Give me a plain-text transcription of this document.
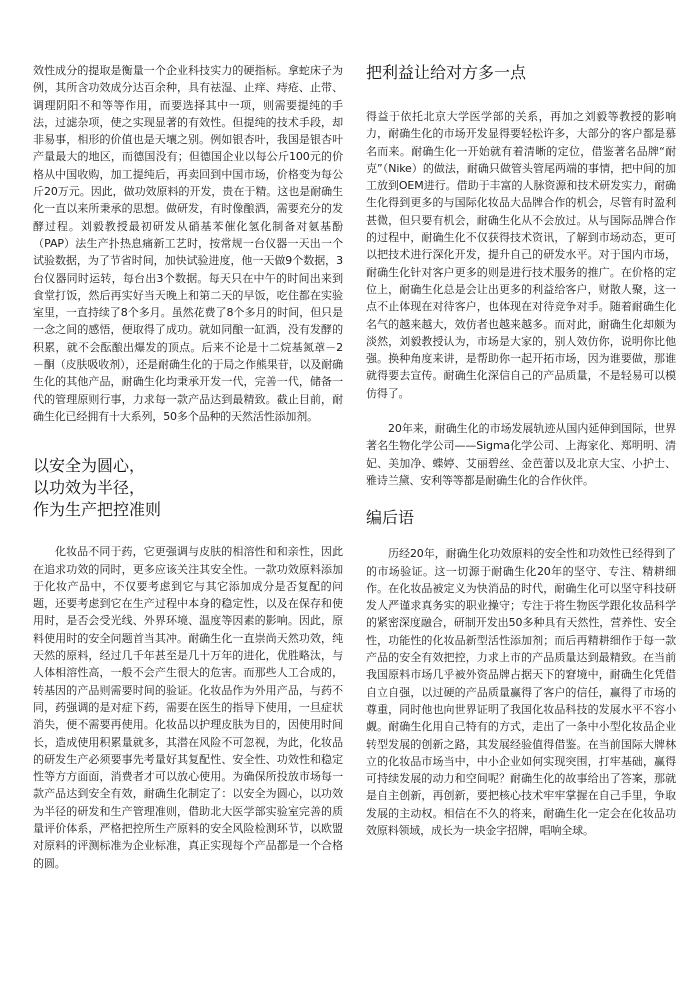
效性成分的提取是衡量一个企业科技实力的硬指标。拿蛇床子为例，其所含功效成分达百余种，具有祛湿、止痒、痔疮、止带、调理阴阳不和等等作用，而要选择其中一项，则需要提纯的手法，过滤杂项，使之实现显著的有效性。但提纯的技术手段，却非易事，相形的价值也是天壤之别。例如银杏叶，我国是银杏叶产量最大的地区，而德国没有；但德国企业以每公斤100元的价格从中国收购，加工提纯后，再卖回到中国市场，价格变为每公斤20万元。因此，做功效原料的开发，贵在于精。这也是耐确生化一直以来所秉承的思想。做研发，有时像酿酒，需要充分的发酵过程。刘毅教授最初研发从硝基苯催化氢化制备对氨基酚（PAP）法生产扑热息痛新工艺时，按常规一台仪器一天出一个试验数据，为了节省时间，加快试验进度，他一天做9个数据，3台仪器同时运转，每台出3个数据。每天只在中午的时间出来到食堂打饭，然后再实好当天晚上和第二天的早饭，吃住都在实验室里，一直持续了8个多月。虽然花费了8个多月的时间，但只是一念之间的感悟，便取得了成功。就如同酿一缸酒，没有发酵的积累，就不会酝酿出爆发的顶点。后来不论是十二烷基氮䓬－2－酮（皮肤吸收剂），还是耐确生化的于局之作熊果苷，以及耐确生化的其他产品，耐确生化均秉承开发一代，完善一代，储备一代的管理原则行事，力求每一款产品达到最精致。截止目前，耐确生化已经拥有十大系列，50多个品种的天然活性添加剂。

以安全为圆心，
以功效为半径，
作为生产把控准则

化妆品不同于药，它更强调与皮肤的相溶性和和亲性，因此在追求功效的同时，更多应该关注其安全性。一款功效原料添加于化妆产品中，不仅要考虑到它与其它添加成分是否复配的问题，还要考虑到它在生产过程中本身的稳定性，以及在保存和使用时，是否会受光线、外界环境、温度等因素的影响。因此，原料使用时的安全问题首当其冲。耐确生化一直崇尚天然功效，纯天然的原料，经过几千年甚至是几十万年的进化，优胜略汰，与人体相溶性高，一般不会产生很大的危害。而那些人工合成的，转基因的产品则需要时间的验证。化妆品作为外用产品，与药不同，药强调的是对症下药，需要在医生的指导下使用，一旦症状消失，便不需要再使用。化妆品以护理皮肤为目的，因使用时间长，造成使用积累量就多，其潜在风险不可忽视，为此，化妆品的研发生产必须要事先考量好其复配性、安全性、功效性和稳定性等方方面面，消费者才可以放心使用。为确保所投放市场每一款产品达到安全有效，耐确生化制定了：以安全为圆心，以功效为半径的研发和生产管理准则，借助北大医学部实验室完善的质量评价体系，严格把控所生产原料的安全风险检测环节，以欧盟对原料的评测标准为企业标准，真正实现每个产品都是一个合格的圆。

把利益让给对方多一点

得益于依托北京大学医学部的关系，再加之刘毅等教授的影响力，耐确生化的市场开发显得要轻松许多，大部分的客户都是慕名而来。耐确生化一开始就有着清晰的定位，借鉴著名品牌“耐克”（Nike）的做法，耐确只做管头管尾两端的事情，把中间的加工放到OEM进行。借助于丰富的人脉资源和技术研发实力，耐确生化得到更多的与国际化妆品大品牌合作的机会，尽管有时盈利甚微，但只要有机会，耐确生化从不会放过。从与国际品牌合作的过程中，耐确生化不仅获得技术资讯，了解到市场动态，更可以把技术进行深化开发，提升自己的研发水平。对于国内市场，耐确生化针对客户更多的则是进行技术服务的推广。在价格的定位上，耐确生化总是会让出更多的利益给客户，财散人聚，这一点不止体现在对待客户，也体现在对待竞争对手。随着耐确生化名气的越来越大，效仿者也越来越多。而对此，耐确生化却颇为淡然，刘毅教授认为，市场是大家的，别人效仿你，说明你比他强。换种角度来讲，是帮助你一起开拓市场，因为谁要做，那谁就得要去宣传。耐确生化深信自己的产品质量，不是轻易可以模仿得了。

20年来，耐确生化的市场发展轨迹从国内延伸到国际，世界著名生物化学公司——Sigma化学公司、上海家化、郑明明、清妃、美加净、蝶婷、艾丽碧丝、金芭蕾以及北京大宝、小护士、雅诗兰黛、安利等等都是耐确生化的合作伙伴。

编后语

历经20年，耐确生化功效原料的安全性和功效性已经得到了的市场验证。这一切源于耐确生化20年的坚守、专注、精耕细作。在化妆品被定义为快消品的时代，耐确生化可以坚守科技研发人严谨求真务实的职业操守；专注于将生物医学跟化妆品科学的紧密深度融合，研制开发出50多种具有天然性，营养性、安全性，功能性的化妆品新型活性添加剂；而后再精耕细作于每一款产品的安全有效把控，力求上市的产品质量达到最精致。在当前我国原料市场几乎被外资品牌占据天下的窘境中，耐确生化凭借自立自强，以过硬的产品质量赢得了客户的信任，赢得了市场的尊重，同时他也向世界证明了我国化妆品科技的发展水平不容小觑。耐确生化用自己特有的方式，走出了一条中小型化妆品企业转型发展的创新之路，其发展经验值得借鉴。在当前国际大牌林立的化妆品市场当中，中小企业如何实现突围，打牢基础，赢得可持续发展的动力和空间呢？耐确生化的故事给出了答案，那就是自主创新，再创新，要把核心技术牢牢掌握在自己手里，争取发展的主动权。相信在不久的将来，耐确生化一定会在化妆品功效原料领域，成长为一块金字招牌，唱响全球。
